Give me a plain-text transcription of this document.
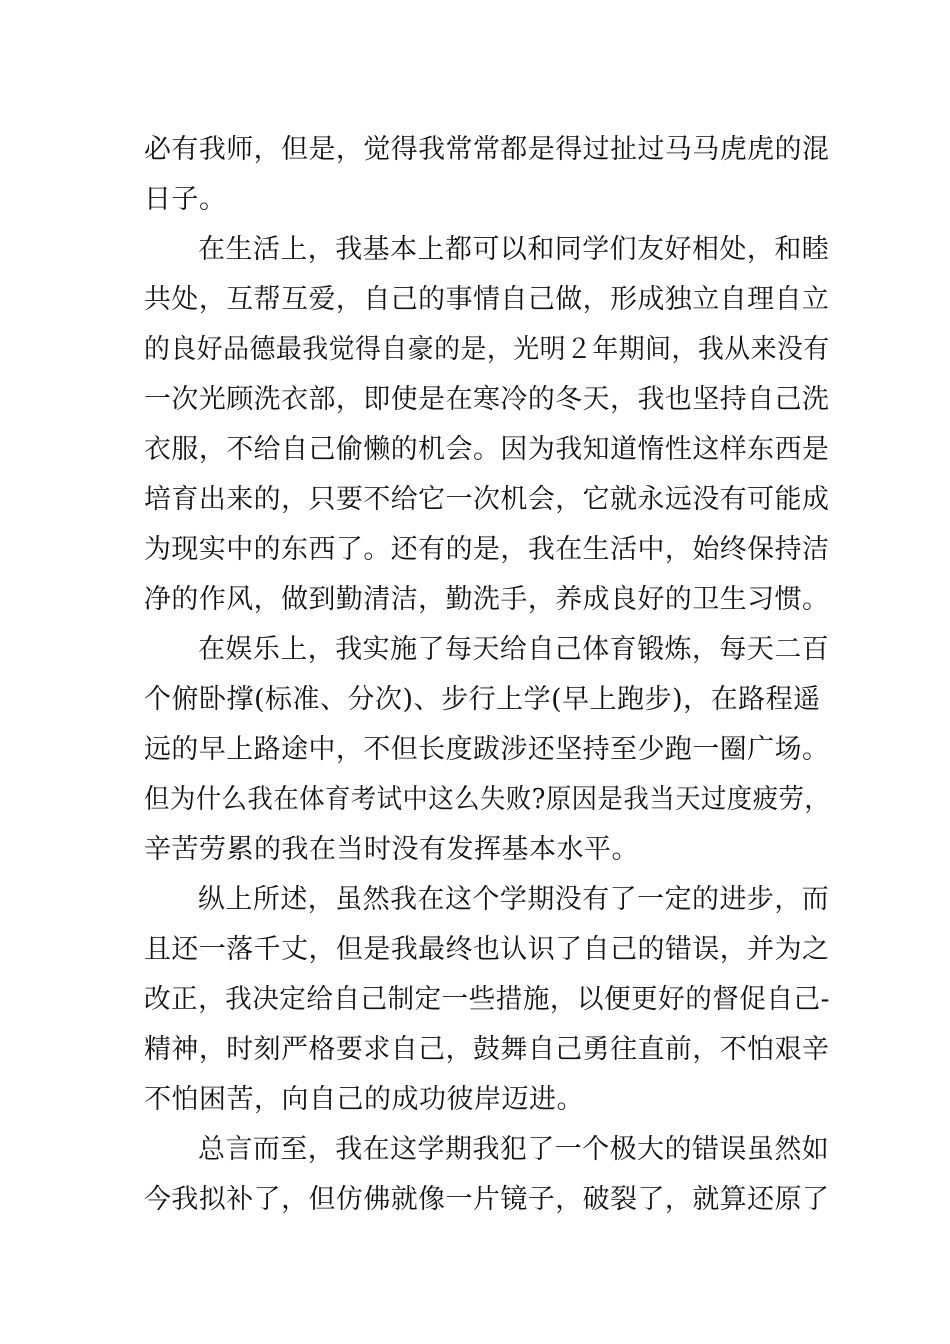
必有我师，但是，觉得我常常都是得过扯过马马虎虎的混
日子。
在生活上，我基本上都可以和同学们友好相处，和睦
共处，互帮互爱，自己的事情自己做，形成独立自理自立
的良好品德最我觉得自豪的是，光明２年期间，我从来没有
一次光顾洗衣部，即使是在寒冷的冬天，我也坚持自己洗
衣服，不给自己偷懒的机会。因为我知道惰性这样东西是
培育出来的，只要不给它一次机会，它就永远没有可能成
为现实中的东西了。还有的是，我在生活中，始终保持洁
净的作风，做到勤清洁，勤洗手，养成良好的卫生习惯。
在娱乐上，我实施了每天给自己体育锻炼，每天二百
个俯卧撑(标准、分次)、步行上学(早上跑步)，在路程遥
远的早上路途中，不但长度跋涉还坚持至少跑一圈广场。
但为什么我在体育考试中这么失败?原因是我当天过度疲劳，
辛苦劳累的我在当时没有发挥基本水平。
纵上所述，虽然我在这个学期没有了一定的进步，而
且还一落千丈，但是我最终也认识了自己的错误，并为之
改正，我决定给自己制定一些措施，以便更好的督促自己-
精神，时刻严格要求自己，鼓舞自己勇往直前，不怕艰辛
不怕困苦，向自己的成功彼岸迈进。
总言而至，我在这学期我犯了一个极大的错误虽然如
今我拟补了，但仿佛就像一片镜子，破裂了，就算还原了
